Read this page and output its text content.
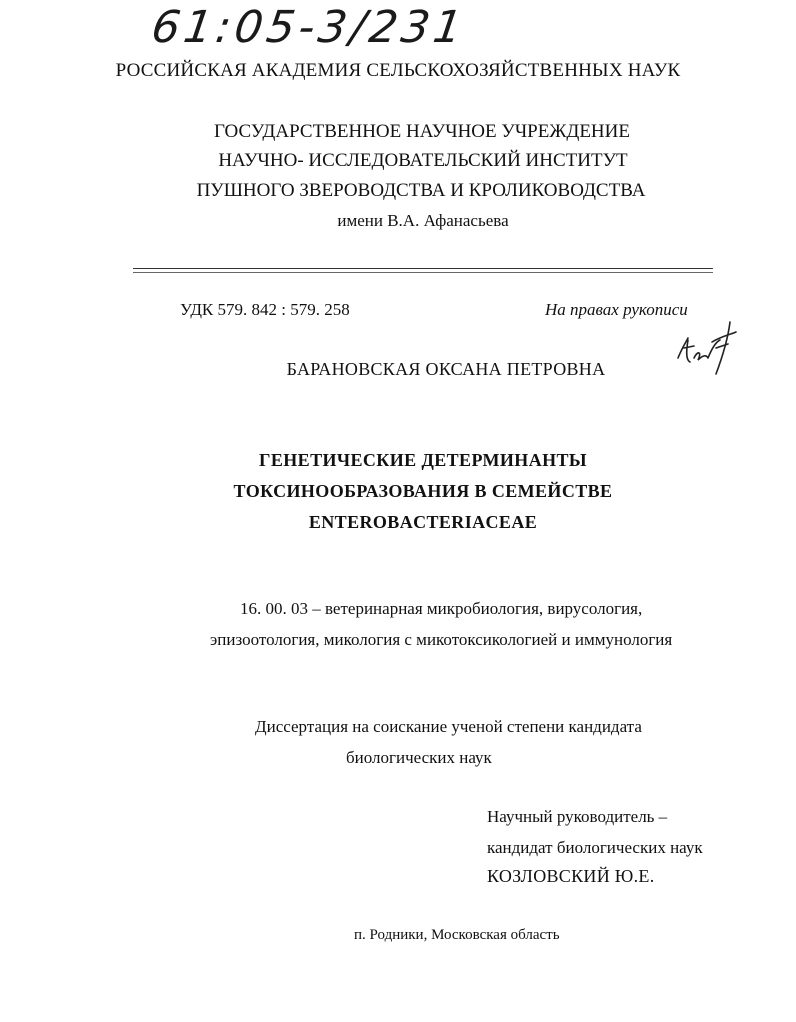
61:05-3/231
РОССИЙСКАЯ АКАДЕМИЯ СЕЛЬСКОХОЗЯЙСТВЕННЫХ НАУК
ГОСУДАРСТВЕННОЕ НАУЧНОЕ УЧРЕЖДЕНИЕ
НАУЧНО- ИССЛЕДОВАТЕЛЬСКИЙ ИНСТИТУТ
ПУШНОГО ЗВЕРОВОДСТВА И КРОЛИКОВОДСТВА
имени В.А. Афанасьева
УДК 579. 842 : 579. 258	На правах рукописи
БАРАНОВСКАЯ ОКСАНА ПЕТРОВНА
ГЕНЕТИЧЕСКИЕ ДЕТЕРМИНАНТЫ
ТОКСИНООБРАЗОВАНИЯ В СЕМЕЙСТВЕ
ENTEROBACTERIACEAE
16. 00. 03 – ветеринарная микробиология, вирусология,
эпизоотология, микология с микотоксикологией и иммунология
Диссертация на соискание ученой степени кандидата
биологических наук
Научный руководитель –
кандидат биологических наук
КОЗЛОВСКИЙ Ю.Е.
п. Родники, Московская область
